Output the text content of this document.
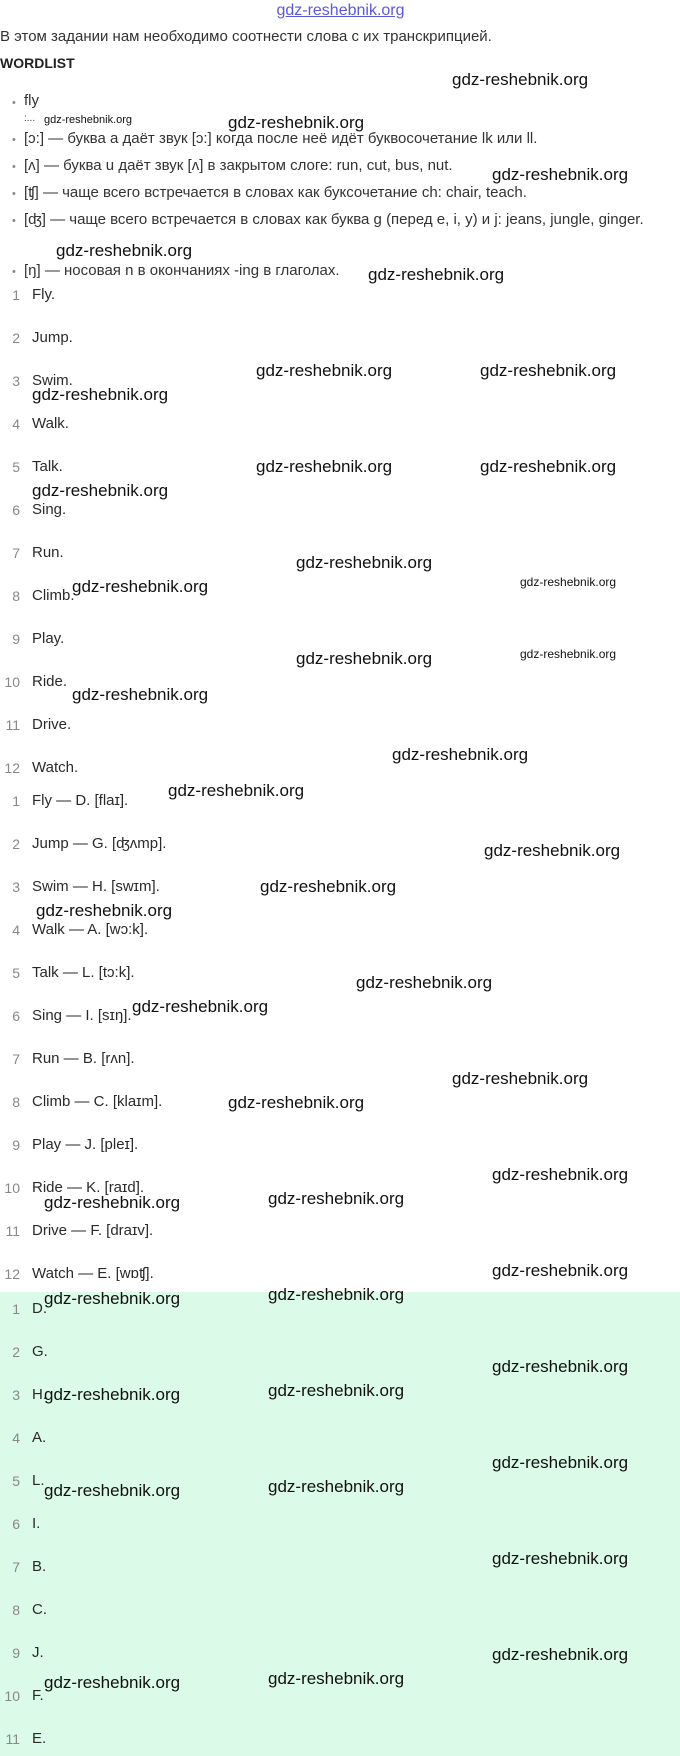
gdz-reshebnik.org
В этом задании нам необходимо соотнести слова с их транскрипцией.
WORDLIST
• fly
:...
• [ɔ:] — буква a даёт звук [ɔ:] когда после неё идёт буквосочетание lk или ll.
• [ʌ] — буква u даёт звук [ʌ] в закрытом слоге: run, cut, bus, nut.
• [ʧ] — чаще всего встречается в словах как буксочетание ch: chair, teach.
• [ʤ] — чаще всего встречается в словах как буква g (перед e, i, y) и j: jeans, jungle, ginger.
• [ŋ] — носовая n в окончаниях -ing в глаголах.
1 Fly.
2 Jump.
3 Swim.
4 Walk.
5 Talk.
6 Sing.
7 Run.
8 Climb.
9 Play.
10 Ride.
11 Drive.
12 Watch.
1 Fly — D. [flaɪ].
2 Jump — G. [ʤʌmp].
3 Swim — H. [swɪm].
4 Walk — A. [wɔ:k].
5 Talk — L. [tɔ:k].
6 Sing — I. [sɪŋ].
7 Run — B. [rʌn].
8 Climb — C. [klaɪm].
9 Play — J. [pleɪ].
10 Ride — K. [raɪd].
11 Drive — F. [draɪv].
12 Watch — E. [wɒʧ].
1 D.
2 G.
3 H.
4 A.
5 L.
6 I.
7 B.
8 C.
9 J.
10 F.
11 E.
gdz-reshebnik.org
gdz-reshebnik.org	gdz-reshebnik.org
gdz-reshebnik.org
gdz-reshebnik.org
gdz-reshebnik.org
gdz-reshebnik.org	gdz-reshebnik.org
gdz-reshebnik.org
gdz-reshebnik.org	gdz-reshebnik.org
gdz-reshebnik.org
gdz-reshebnik.org
gdz-reshebnik.org	gdz-reshebnik.org
gdz-reshebnik.org	gdz-reshebnik.org
gdz-reshebnik.org
gdz-reshebnik.org
gdz-reshebnik.org
gdz-reshebnik.org
gdz-reshebnik.org
gdz-reshebnik.org
gdz-reshebnik.org
gdz-reshebnik.org
gdz-reshebnik.org
gdz-reshebnik.org
gdz-reshebnik.org
gdz-reshebnik.org	gdz-reshebnik.org
gdz-reshebnik.org
gdz-reshebnik.org	gdz-reshebnik.org
gdz-reshebnik.org
gdz-reshebnik.org	gdz-reshebnik.org
gdz-reshebnik.org
gdz-reshebnik.org	gdz-reshebnik.org
gdz-reshebnik.org
gdz-reshebnik.org
gdz-reshebnik.org	gdz-reshebnik.org
